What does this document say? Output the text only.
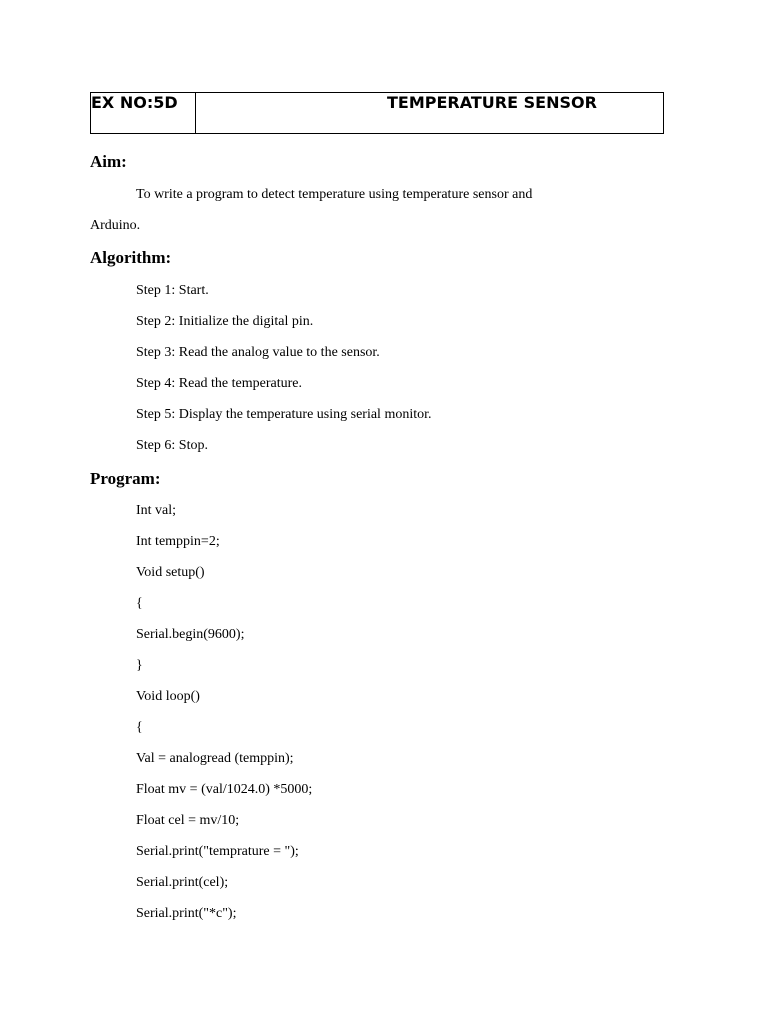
EX NO:5D	TEMPERATURE SENSOR
Aim:
To write a program to detect temperature using temperature sensor and
Arduino.
Algorithm:
Step 1: Start.
Step 2: Initialize the digital pin.
Step 3: Read the analog value to the sensor.
Step 4: Read the temperature.
Step 5: Display the temperature using serial monitor.
Step 6: Stop.
Program:
Int val;
Int temppin=2;
Void setup()
{
Serial.begin(9600);
}
Void loop()
{
Val = analogread (temppin);
Float mv = (val/1024.0) *5000;
Float cel = mv/10;
Serial.print("temprature = ");
Serial.print(cel);
Serial.print("*c");
